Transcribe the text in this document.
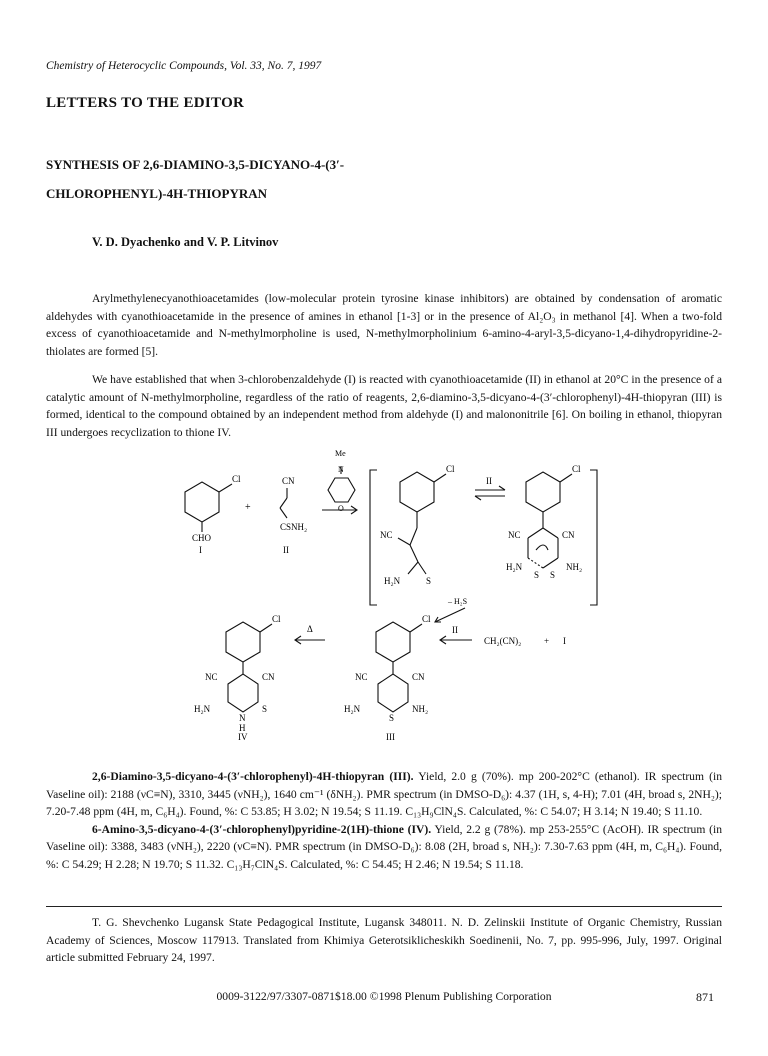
Chemistry of Heterocyclic Compounds, Vol. 33, No. 7, 1997
LETTERS TO THE EDITOR
SYNTHESIS OF 2,6-DIAMINO-3,5-DICYANO-4-(3′-
CHLOROPHENYL)-4H-THIOPYRAN
V. D. Dyachenko and V. P. Litvinov

Arylmethylenecyanothioacetamides (low-molecular protein tyrosine kinase inhibitors) are obtained by condensation of aromatic aldehydes with cyanothioacetamide in the presence of amines in ethanol [1-3] or in the presence of Al₂O₃ in methanol [4]. When a two-fold excess of cyanothioacetamide and N-methylmorpholine is used, N-methylmorpholinium 6-amino-4-aryl-3,5-dicyano-1,4-dihydropyridine-2-thiolates are formed [5].

We have established that when 3-chlorobenzaldehyde (I) is reacted with cyanothioacetamide (II) in ethanol at 20°C in the presence of a catalytic amount of N-methylmorpholine, regardless of the ratio of reagents, 2,6-diamino-3,5-dicyano-4-(3′-chlorophenyl)-4H-thiopyran (III) is formed, identical to the compound obtained by an independent method from aldehyde (I) and malononitrile [6]. On boiling in ethanol, thiopyran III undergoes recyclization to thione IV.

Cl
CHO
I
+
CN
CSNH₂
II
Me
N
O
Cl
NC
H₂N	S
II
Cl
NC	CN
H₂N
S S
NH₂
– H₂S
Cl
NC	CN
H₂N
N
H
S
IV
Δ
Cl
NC	CN
H₂N
S
NH₂
III
II
CH₂(CN)₂	+ I

2,6-Diamino-3,5-dicyano-4-(3′-chlorophenyl)-4H-thiopyran (III). Yield, 2.0 g (70%). mp 200-202°C (ethanol). IR spectrum (in Vaseline oil): 2188 (νC≡N), 3310, 3445 (νNH₂), 1640 cm⁻¹ (δNH₂). PMR spectrum (in DMSO-D₆): 4.37 (1H, s, 4-H); 7.01 (4H, broad s, 2NH₂); 7.20-7.48 ppm (4H, m, C₆H₄). Found, %: C 53.85; H 3.02; N 19.54; S 11.19. C₁₃H₉ClN₄S. Calculated, %: C 54.07; H 3.14; N 19.40; S 11.10.

6-Amino-3,5-dicyano-4-(3′-chlorophenyl)pyridine-2(1H)-thione (IV). Yield, 2.2 g (78%). mp 253-255°C (AcOH). IR spectrum (in Vaseline oil): 3388, 3483 (νNH₂), 2220 (νC≡N). PMR spectrum (in DMSO-D₆): 8.08 (2H, broad s, NH₂): 7.30-7.63 ppm (4H, m, C₆H₄). Found, %: C 54.29; H 2.28; N 19.70; S 11.32. C₁₃H₇ClN₄S. Calculated, %: C 54.45; H 2.46; N 19.54; S 11.18.

T. G. Shevchenko Lugansk State Pedagogical Institute, Lugansk 348011. N. D. Zelinskii Institute of Organic Chemistry, Russian Academy of Sciences, Moscow 117913. Translated from Khimiya Geterotsiklicheskikh Soedinenii, No. 7, pp. 995-996, July, 1997. Original article submitted February 24, 1997.

0009-3122/97/3307-0871$18.00 ©1998 Plenum Publishing Corporation	871
